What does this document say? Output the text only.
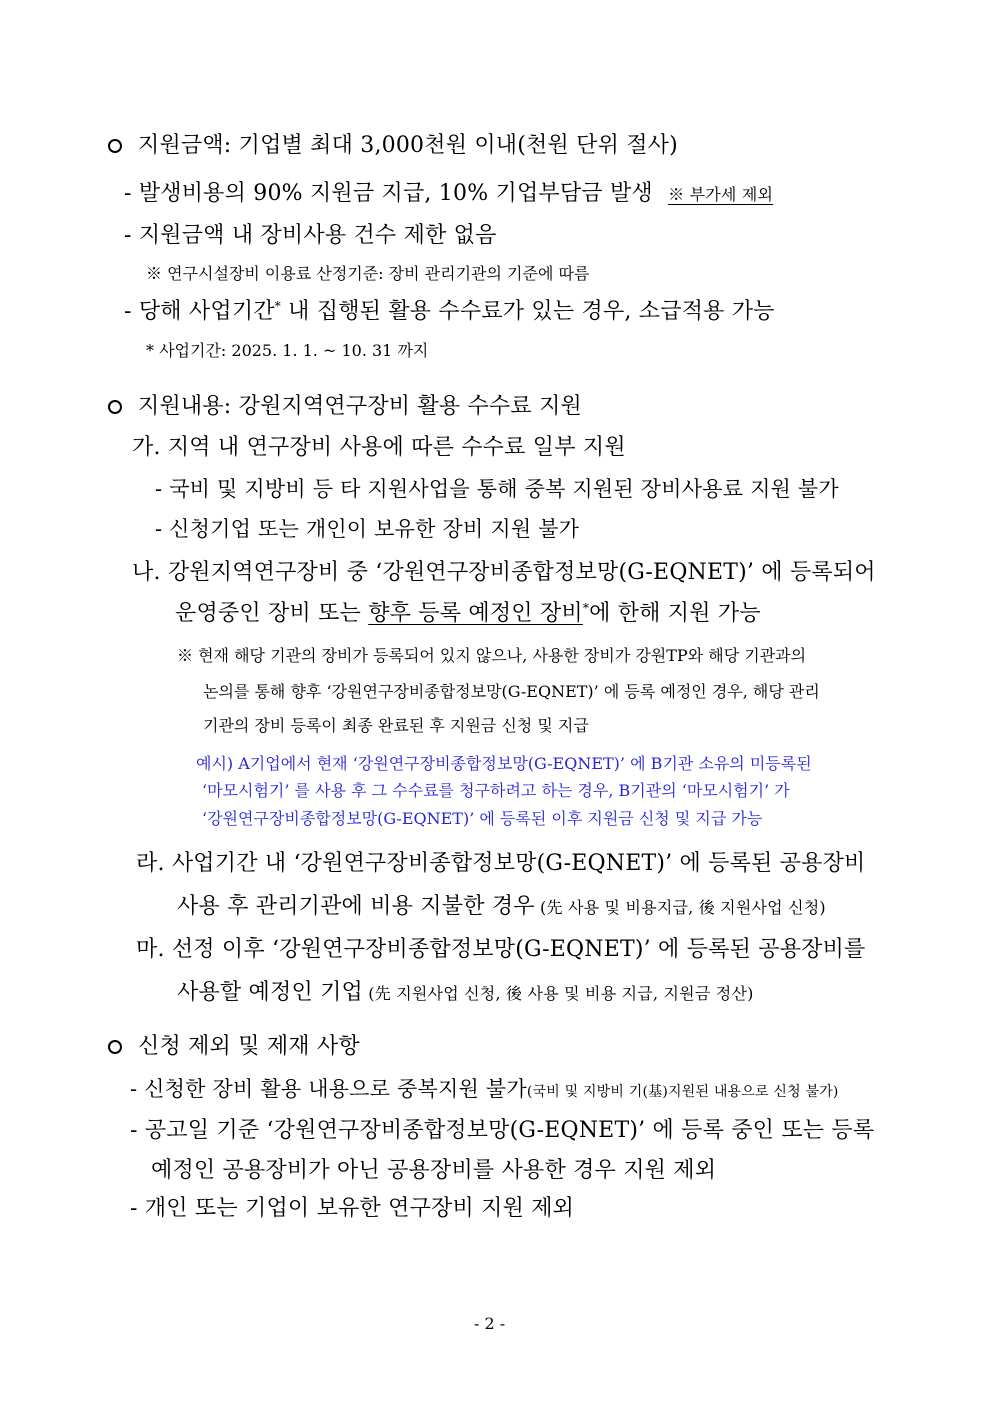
지원금액: 기업별 최대 3,000천원 이내(천원 단위 절사)
- 발생비용의 90% 지원금 지급, 10% 기업부담금 발생 ※ 부가세 제외
- 지원금액 내 장비사용 건수 제한 없음
※ 연구시설장비 이용료 산정기준: 장비 관리기관의 기준에 따름
- 당해 사업기간* 내 집행된 활용 수수료가 있는 경우, 소급적용 가능
* 사업기간: 2025. 1. 1. ~ 10. 31 까지
지원내용: 강원지역연구장비 활용 수수료 지원
가. 지역 내 연구장비 사용에 따른 수수료 일부 지원
- 국비 및 지방비 등 타 지원사업을 통해 중복 지원된 장비사용료 지원 불가
- 신청기업 또는 개인이 보유한 장비 지원 불가
나. 강원지역연구장비 중 ‘강원연구장비종합정보망(G-EQNET)’ 에 등록되어
운영중인 장비 또는 향후 등록 예정인 장비*에 한해 지원 가능
※ 현재 해당 기관의 장비가 등록되어 있지 않으나, 사용한 장비가 강원TP와 해당 기관과의
논의를 통해 향후 ‘강원연구장비종합정보망(G-EQNET)’ 에 등록 예정인 경우, 해당 관리
기관의 장비 등록이 최종 완료된 후 지원금 신청 및 지급
예시) A기업에서 현재 ‘강원연구장비종합정보망(G-EQNET)’ 에 B기관 소유의 미등록된
‘마모시험기’ 를 사용 후 그 수수료를 청구하려고 하는 경우, B기관의 ‘마모시험기’ 가
‘강원연구장비종합정보망(G-EQNET)’ 에 등록된 이후 지원금 신청 및 지급 가능
라. 사업기간 내 ‘강원연구장비종합정보망(G-EQNET)’ 에 등록된 공용장비
사용 후 관리기관에 비용 지불한 경우 (先 사용 및 비용지급, 後 지원사업 신청)
마. 선정 이후 ‘강원연구장비종합정보망(G-EQNET)’ 에 등록된 공용장비를
사용할 예정인 기업 (先 지원사업 신청, 後 사용 및 비용 지급, 지원금 정산)
신청 제외 및 제재 사항
- 신청한 장비 활용 내용으로 중복지원 불가(국비 및 지방비 기(基)지원된 내용으로 신청 불가)
- 공고일 기준 ‘강원연구장비종합정보망(G-EQNET)’ 에 등록 중인 또는 등록
예정인 공용장비가 아닌 공용장비를 사용한 경우 지원 제외
- 개인 또는 기업이 보유한 연구장비 지원 제외
- 2 -
